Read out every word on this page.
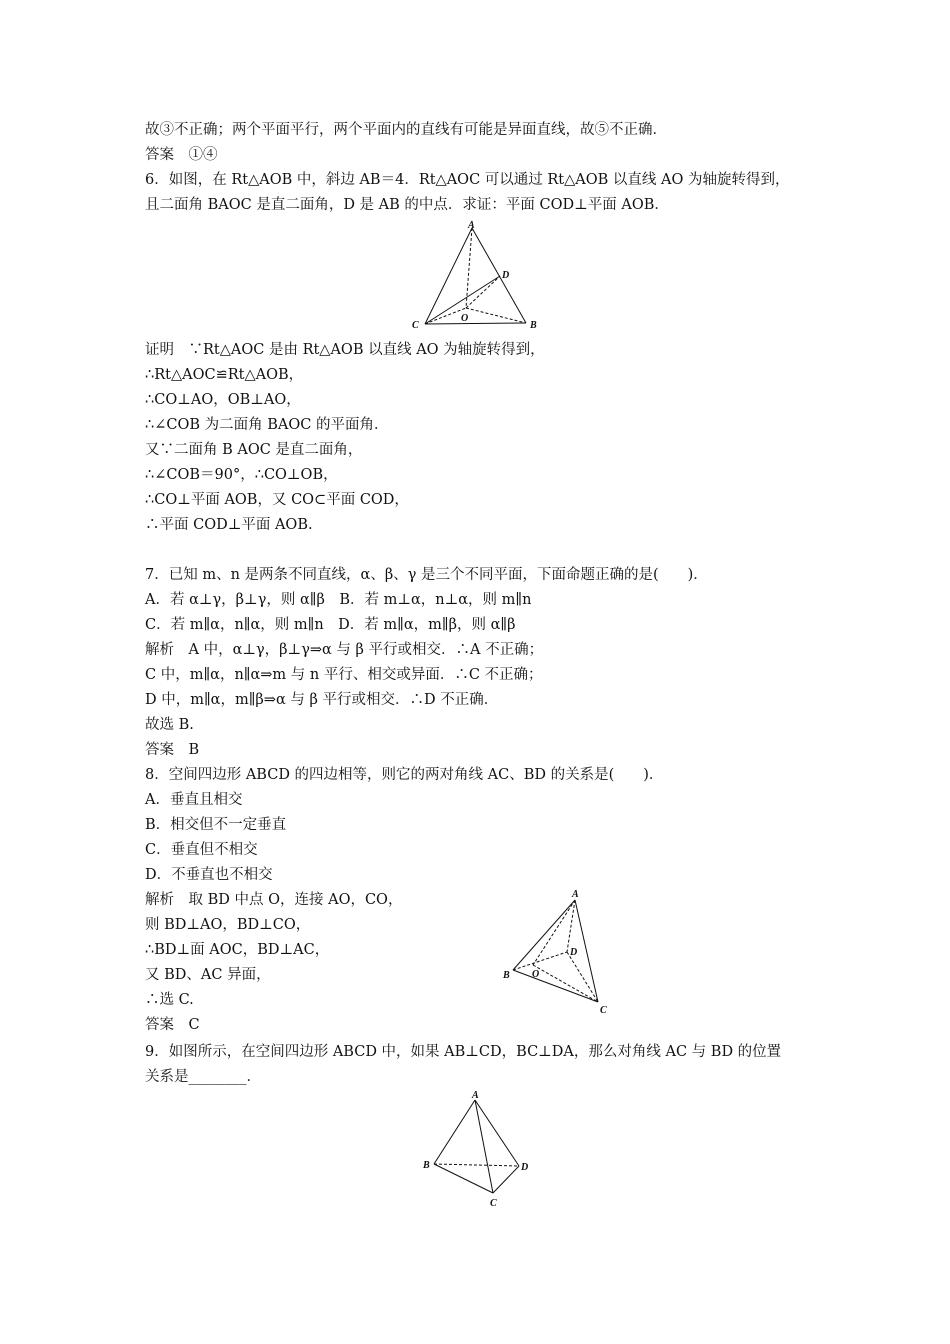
故③不正确；两个平面平行，两个平面内的直线有可能是异面直线，故⑤不正确．
答案　①④
6．如图，在 Rt△AOB 中，斜边 AB＝4．Rt△AOC 可以通过 Rt△AOB 以直线 AO 为轴旋转得到，
且二面角 BAOC 是直二面角，D 是 AB 的中点．求证：平面 COD⊥平面 AOB．
A
D
C	B
O
证明　∵Rt△AOC 是由 Rt△AOB 以直线 AO 为轴旋转得到，
∴Rt△AOC≌Rt△AOB，
∴CO⊥AO，OB⊥AO，
∴∠COB 为二面角 BAOC 的平面角．
又∵二面角 B AOC 是直二面角，
∴∠COB＝90°，∴CO⊥OB，
∴CO⊥平面 AOB，又 CO⊂平面 COD，
∴平面 COD⊥平面 AOB.
7．已知 m、n 是两条不同直线，α、β、γ 是三个不同平面，下面命题正确的是(　　)．
A．若 α⊥γ，β⊥γ，则 α∥β　B．若 m⊥α，n⊥α，则 m∥n
C．若 m∥α，n∥α，则 m∥n　D．若 m∥α，m∥β，则 α∥β
解析　A 中，α⊥γ，β⊥γ⇒α 与 β 平行或相交．∴A 不正确；
C 中，m∥α，n∥α⇒m 与 n 平行、相交或异面．∴C 不正确；
D 中，m∥α，m∥β⇒α 与 β 平行或相交．∴D 不正确．
故选 B.
答案　B
8．空间四边形 ABCD 的四边相等，则它的两对角线 AC、BD 的关系是(　　)．
A．垂直且相交
B．相交但不一定垂直
C．垂直但不相交
D．不垂直也不相交
解析　取 BD 中点 O，连接 AO，CO，
则 BD⊥AO，BD⊥CO，
∴BD⊥面 AOC，BD⊥AC，
又 BD、AC 异面，
∴选 C.
答案　C
A
D
B O
C
9．如图所示，在空间四边形 ABCD 中，如果 AB⊥CD，BC⊥DA，那么对角线 AC 与 BD 的位置
关系是________．
A
B	D
C
